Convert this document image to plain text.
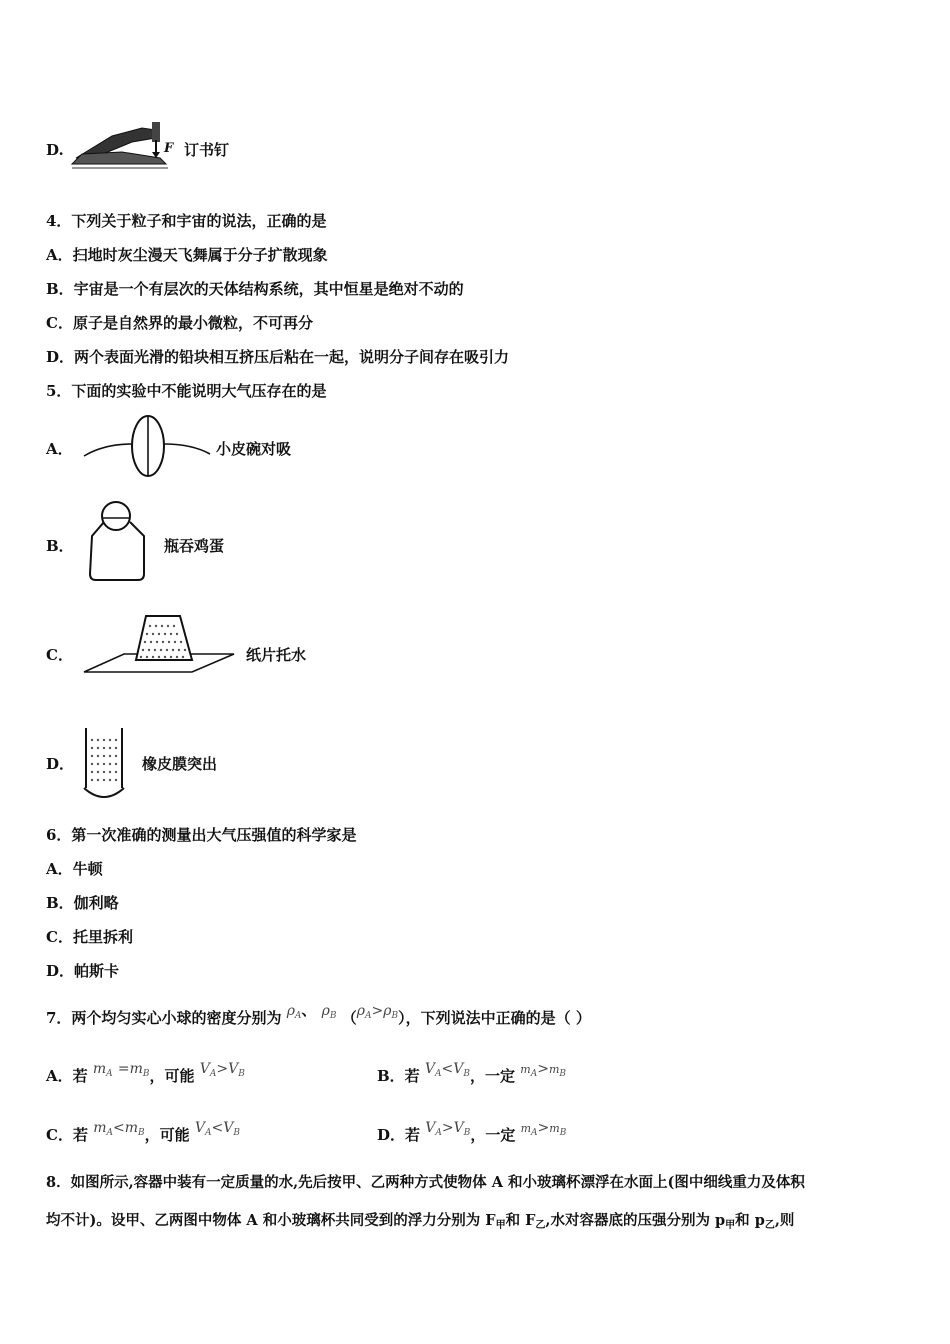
D.	F 订书钉
4．下列关于粒子和宇宙的说法，正确的是
A．扫地时灰尘漫天飞舞属于分子扩散现象
B．宇宙是一个有层次的天体结构系统，其中恒星是绝对不动的
C．原子是自然界的最小微粒，不可再分
D．两个表面光滑的铅块相互挤压后粘在一起，说明分子间存在吸引力
5．下面的实验中不能说明大气压存在的是
A．	小皮碗对吸
B．	瓶吞鸡蛋
C．	纸片托水
D．	橡皮膜突出
6．第一次准确的测量出大气压强值的科学家是
A．牛顿
B．伽利略
C．托里拆利
D．帕斯卡
7．两个均匀实心小球的密度分别为 $\rho_A$、 $\rho_B$ $(\rho_A>\rho_B)$，下列说法中正确的是（ ）
A．若 $m_A =m_B$，可能 $V_A>V_B$	B．若 $V_A<V_B$，一定 $m_A>m_B$
C．若 $m_A<m_B$，可能 $V_A<V_B$	D．若 $V_A>V_B$，一定 $m_A>m_B$
8．如图所示,容器中装有一定质量的水,先后按甲、乙两种方式使物体 A 和小玻璃杯漂浮在水面上(图中细线重力及体积
均不计)。设甲、乙两图中物体 A 和小玻璃杯共同受到的浮力分别为 $F_甲$和 $F_乙$,水对容器底的压强分别为 $p_甲$和 $p_乙$,则
